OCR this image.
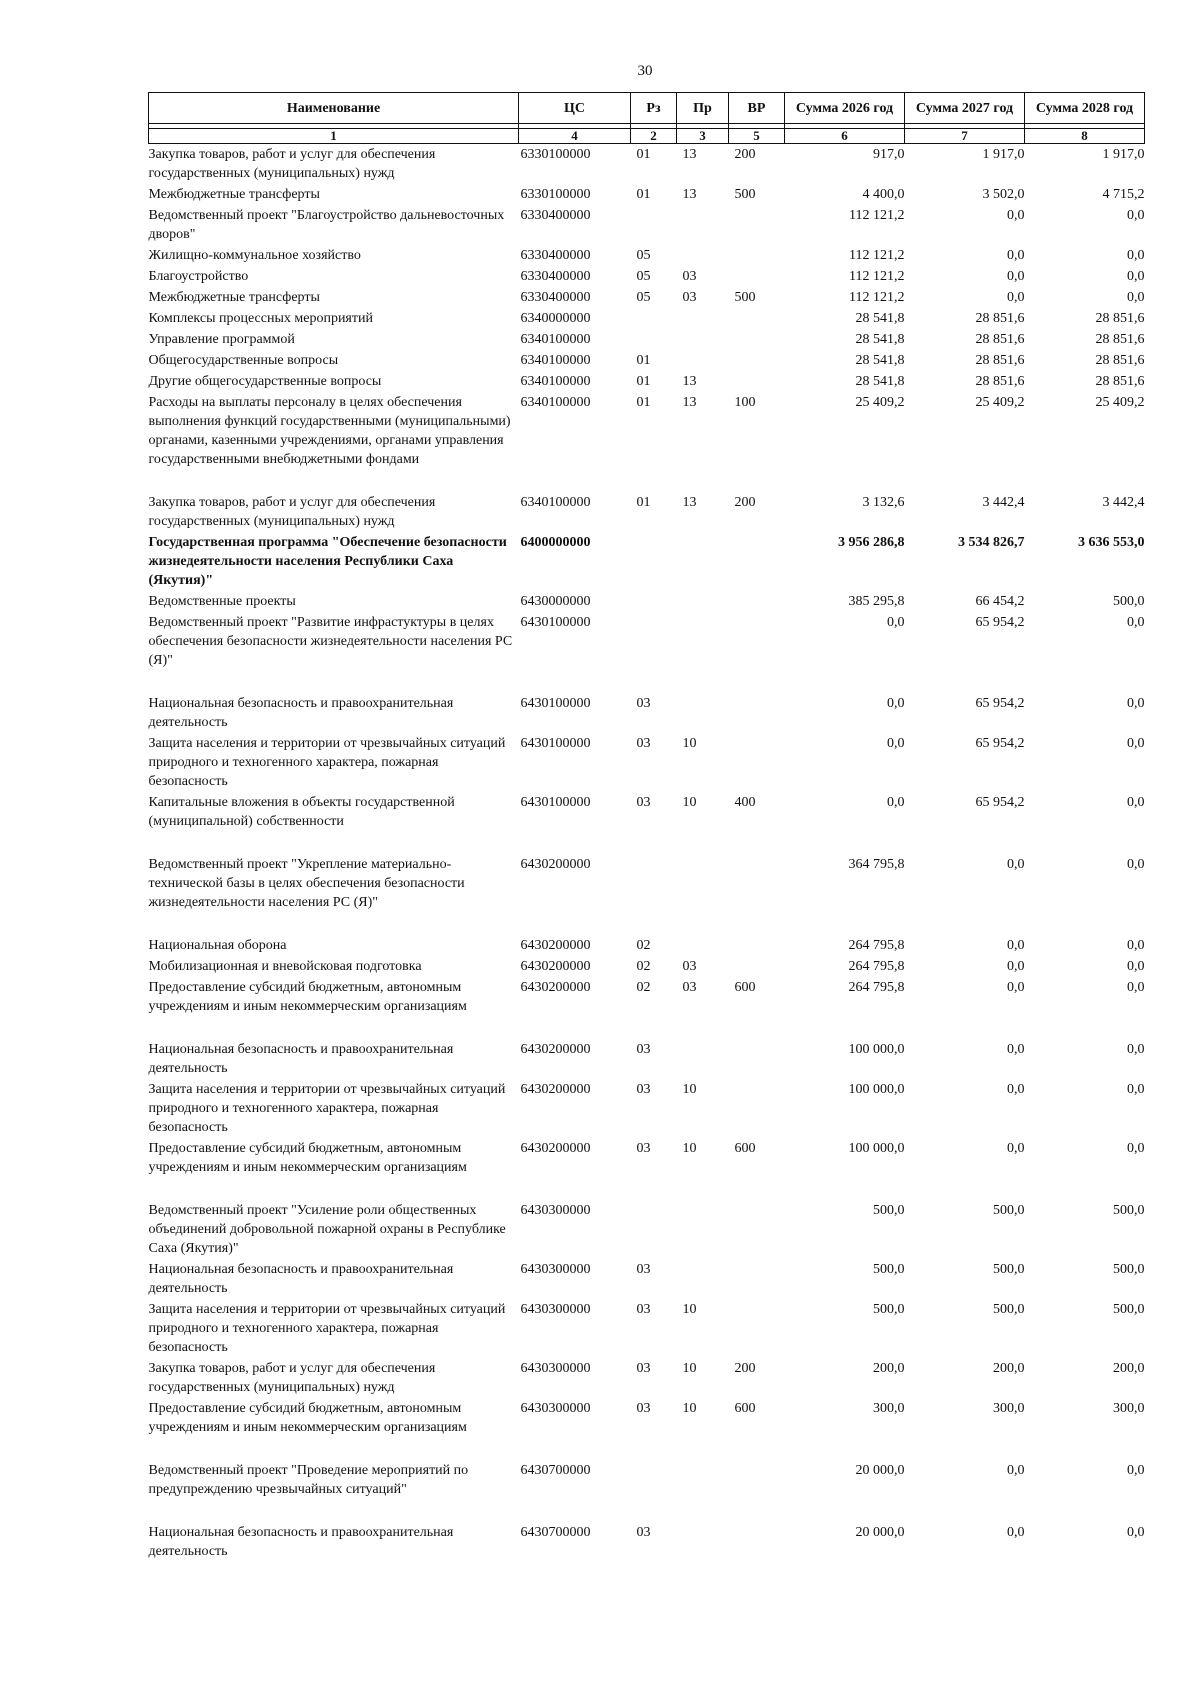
30
Наименование	ЦС	Рз	Пр	ВР	Сумма 2026 год	Сумма 2027 год	Сумма 2028 год

1	4	2	3	5	6	7	8
Закупка товаров, работ и услуг для обеспечения государственных (муниципальных) нужд	6330100000	01	13	200	917,0	1 917,0	1 917,0
Межбюджетные трансферты	6330100000	01	13	500	4 400,0	3 502,0	4 715,2
Ведомственный проект "Благоустройство дальневосточных дворов"	6330400000				112 121,2	0,0	0,0
Жилищно-коммунальное хозяйство	6330400000	05			112 121,2	0,0	0,0
Благоустройство	6330400000	05	03		112 121,2	0,0	0,0
Межбюджетные трансферты	6330400000	05	03	500	112 121,2	0,0	0,0
Комплексы процессных мероприятий	6340000000				28 541,8	28 851,6	28 851,6
Управление программой	6340100000				28 541,8	28 851,6	28 851,6
Общегосударственные вопросы	6340100000	01			28 541,8	28 851,6	28 851,6
Другие общегосударственные вопросы	6340100000	01	13		28 541,8	28 851,6	28 851,6
Расходы на выплаты персоналу в целях обеспечения выполнения функций государственными (муниципальными) органами, казенными учреждениями, органами управления государственными внебюджетными фондами	6340100000	01	13	100	25 409,2	25 409,2	25 409,2
Закупка товаров, работ и услуг для обеспечения государственных (муниципальных) нужд	6340100000	01	13	200	3 132,6	3 442,4	3 442,4
Государственная программа "Обеспечение безопасности жизнедеятельности населения Республики Саха (Якутия)"	6400000000				3 956 286,8	3 534 826,7	3 636 553,0
Ведомственные проекты	6430000000				385 295,8	66 454,2	500,0
Ведомственный проект "Развитие инфрастуктуры в целях обеспечения безопасности жизнедеятельности населения РС (Я)"	6430100000				0,0	65 954,2	0,0
Национальная безопасность и правоохранительная деятельность	6430100000	03			0,0	65 954,2	0,0
Защита населения и территории от чрезвычайных ситуаций природного и техногенного характера, пожарная безопасность	6430100000	03	10		0,0	65 954,2	0,0
Капитальные вложения в объекты государственной (муниципальной) собственности	6430100000	03	10	400	0,0	65 954,2	0,0
Ведомственный проект "Укрепление материально-технической базы в целях обеспечения безопасности жизнедеятельности населения РС (Я)"	6430200000				364 795,8	0,0	0,0
Национальная оборона	6430200000	02			264 795,8	0,0	0,0
Мобилизационная и вневойсковая подготовка	6430200000	02	03		264 795,8	0,0	0,0
Предоставление субсидий бюджетным, автономным учреждениям и иным некоммерческим организациям	6430200000	02	03	600	264 795,8	0,0	0,0
Национальная безопасность и правоохранительная деятельность	6430200000	03			100 000,0	0,0	0,0
Защита населения и территории от чрезвычайных ситуаций природного и техногенного характера, пожарная безопасность	6430200000	03	10		100 000,0	0,0	0,0
Предоставление субсидий бюджетным, автономным учреждениям и иным некоммерческим организациям	6430200000	03	10	600	100 000,0	0,0	0,0
Ведомственный проект "Усиление роли общественных объединений добровольной пожарной охраны в Республике Саха (Якутия)"	6430300000				500,0	500,0	500,0
Национальная безопасность и правоохранительная деятельность	6430300000	03			500,0	500,0	500,0
Защита населения и территории от чрезвычайных ситуаций природного и техногенного характера, пожарная безопасность	6430300000	03	10		500,0	500,0	500,0
Закупка товаров, работ и услуг для обеспечения государственных (муниципальных) нужд	6430300000	03	10	200	200,0	200,0	200,0
Предоставление субсидий бюджетным, автономным учреждениям и иным некоммерческим организациям	6430300000	03	10	600	300,0	300,0	300,0
Ведомственный проект "Проведение мероприятий по предупреждению чрезвычайных ситуаций"	6430700000				20 000,0	0,0	0,0
Национальная безопасность и правоохранительная деятельность	6430700000	03			20 000,0	0,0	0,0
